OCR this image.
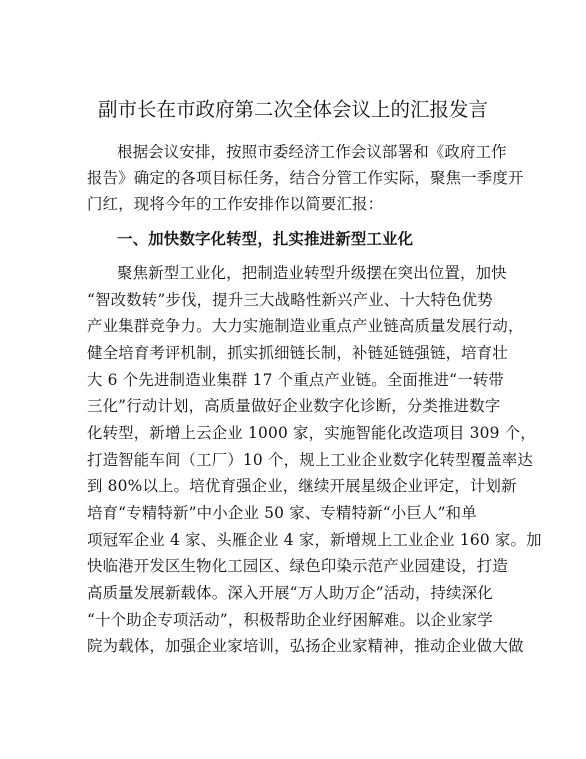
副市长在市政府第二次全体会议上的汇报发言
根据会议安排，按照市委经济工作会议部署和《政府工作
报告》确定的各项目标任务，结合分管工作实际，聚焦一季度开
门红，现将今年的工作安排作以简要汇报：
一、加快数字化转型，扎实推进新型工业化
聚焦新型工业化，把制造业转型升级摆在突出位置，加快
“智改数转”步伐，提升三大战略性新兴产业、十大特色优势
产业集群竞争力。大力实施制造业重点产业链高质量发展行动，
健全培育考评机制，抓实抓细链长制，补链延链强链，培育壮
大 6 个先进制造业集群 17 个重点产业链。全面推进“一转带
三化”行动计划，高质量做好企业数字化诊断，分类推进数字
化转型，新增上云企业 1000 家，实施智能化改造项目 309 个，
打造智能车间（工厂）10 个，规上工业企业数字化转型覆盖率达
到 80%以上。培优育强企业，继续开展星级企业评定，计划新
培育“专精特新”中小企业 50 家、专精特新“小巨人”和单
项冠军企业 4 家、头雁企业 4 家，新增规上工业企业 160 家。加
快临港开发区生物化工园区、绿色印染示范产业园建设，打造
高质量发展新载体。深入开展“万人助万企”活动，持续深化
“十个助企专项活动”，积极帮助企业纾困解难。以企业家学
院为载体，加强企业家培训，弘扬企业家精神，推动企业做大做
